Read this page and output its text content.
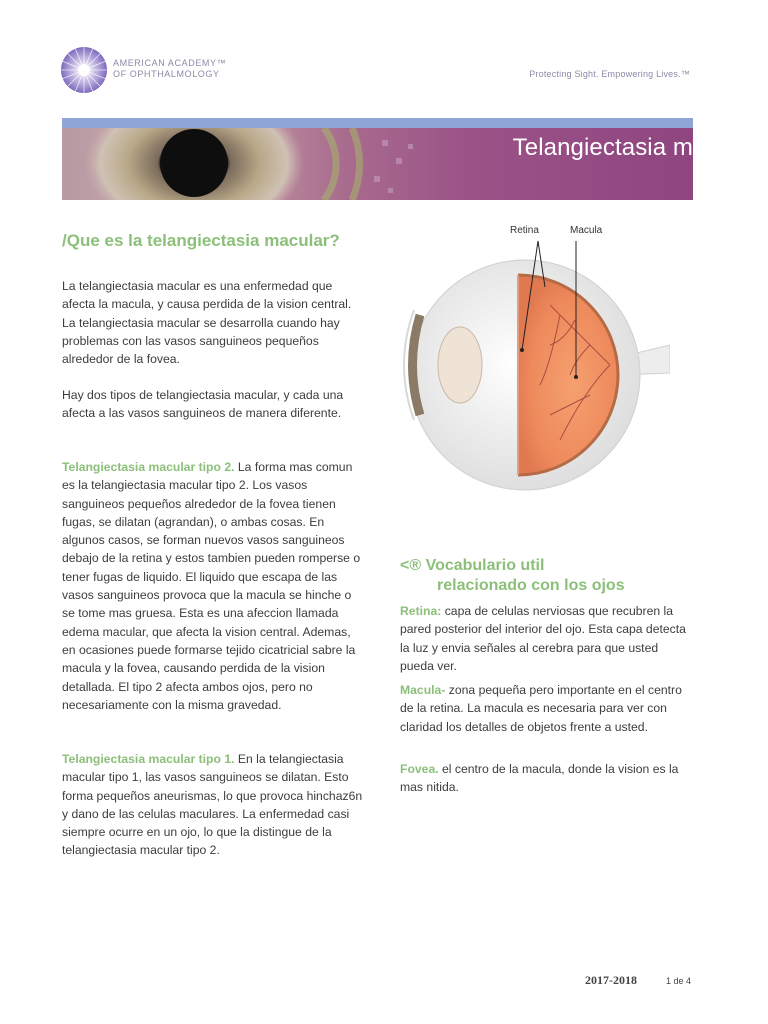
AMERICAN ACADEMY™
OF OPHTHALMOLOGY	Protecting Sight. Empowering Lives.™
Telangiectasia macular
/Que es la telangiectasia macular?

La telangiectasia macular es una enfermedad que afecta la macula, y causa perdida de la vision central. La telangiectasia macular se desarrolla cuando hay problemas con las vasos sanguineos pequeños alrededor de la fovea.

Hay dos tipos de telangiectasia macular, y cada una afecta a las vasos sanguineos de manera diferente.

Telangiectasia macular tipo 2. La forma mas comun es la telangiectasia macular tipo 2. Los vasos sanguineos pequeños alrededor de la fovea tienen fugas, se dilatan (agrandan), o ambas cosas. En algunos casos, se forman nuevos vasos sanguineos debajo de la retina y estos tambien pueden romperse o tener fugas de liquido. El liquido que escapa de las vasos sanguineos provoca que la macula se hinche o se tome mas gruesa. Esta es una afeccion llamada edema macular, que afecta la vision central. Ademas, en ocasiones puede formarse tejido cicatricial sabre la macula y la fovea, causando perdida de la vision detallada. El tipo 2 afecta ambos ojos, pero no necesariamente con la misma gravedad.

Telangiectasia macular tipo 1. En la telangiectasia macular tipo 1, las vasos sanguineos se dilatan. Esto forma pequeños aneurismas, lo que provoca hinchaz6n y dano de las celulas maculares. La enfermedad casi siempre ocurre en un ojo, lo que la distingue de la telangiectasia macular tipo 2.

Retina	Macula
<® Vocabulario util
relacionado con los ojos

Retina: capa de celulas nerviosas que recubren la pared posterior del interior del ojo. Esta capa detecta la luz y envia señales al cerebra para que usted pueda ver.

Macula- zona pequeña pero importante en el centro de la retina. La macula es necesaria para ver con claridad los detalles de objetos frente a usted.

Fovea. el centro de la macula, donde la vision es la mas nitida.

2017-2018	1 de 4
